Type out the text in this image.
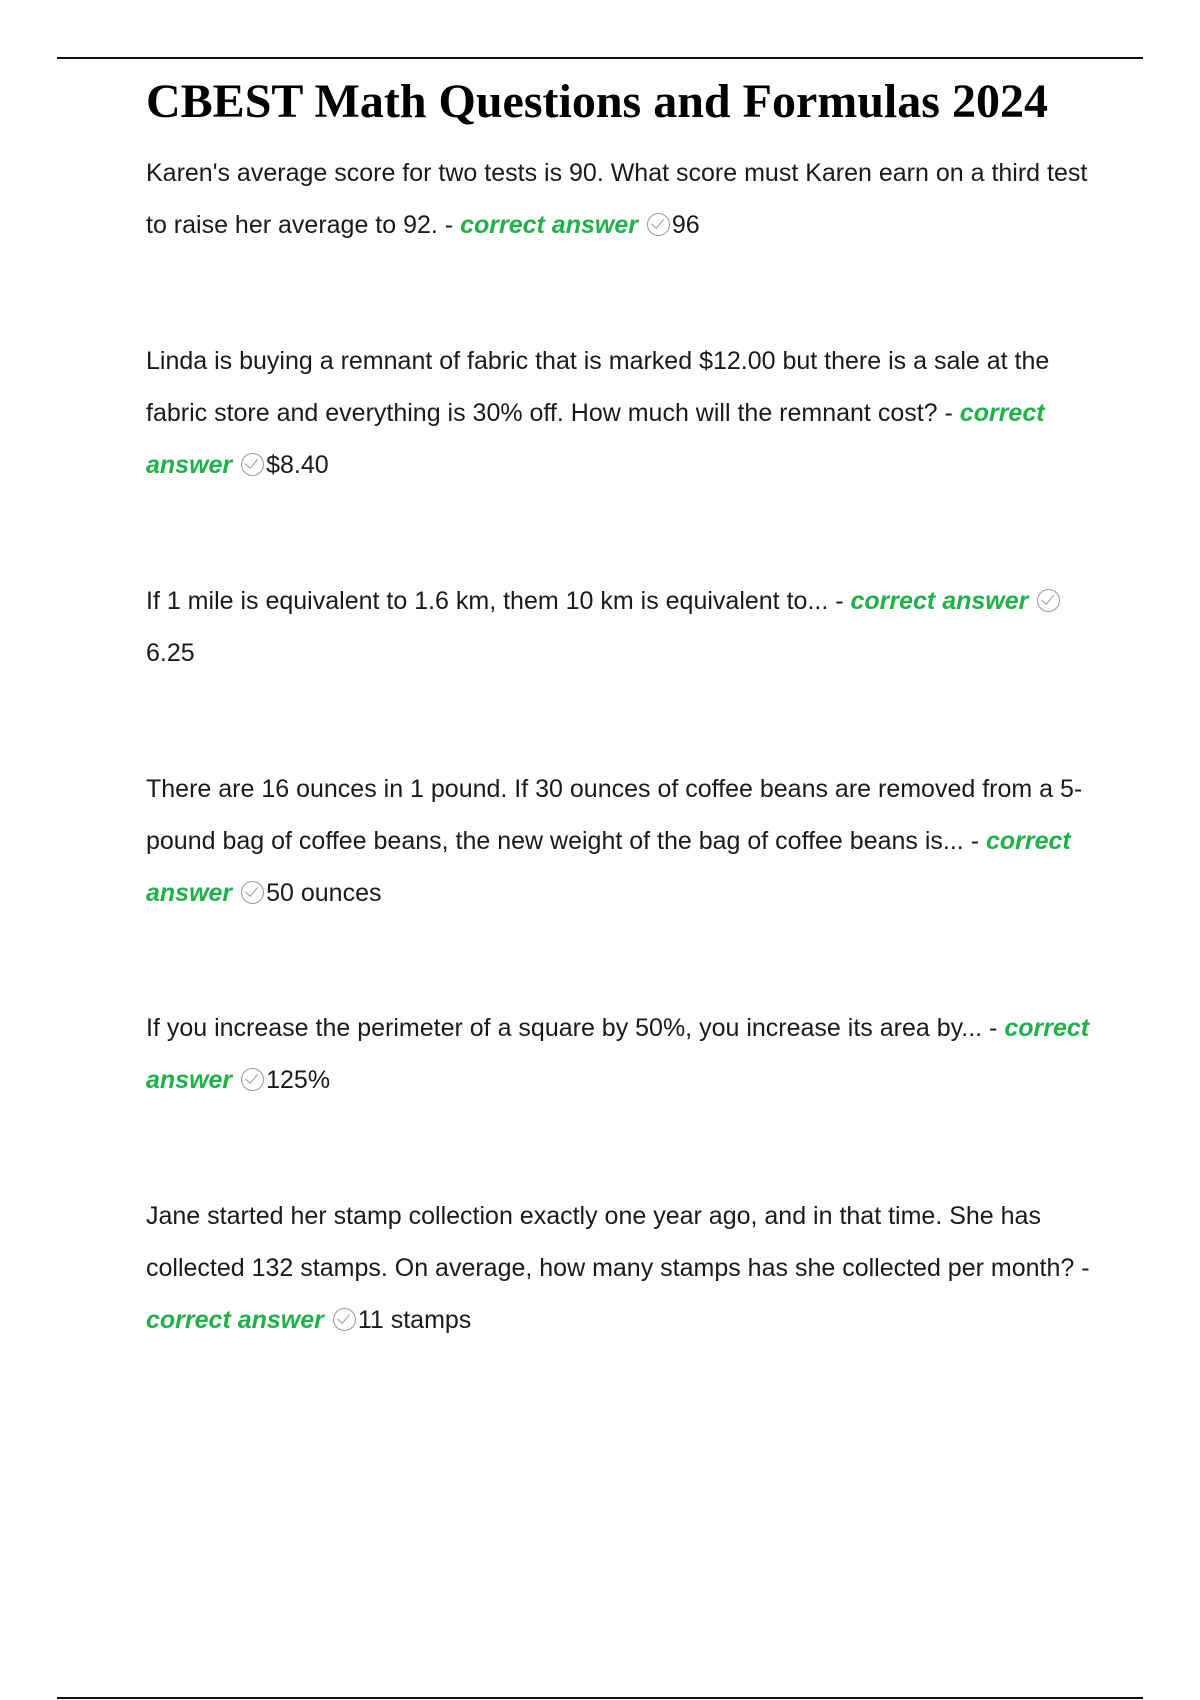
CBEST Math Questions and Formulas 2024

Karen's average score for two tests is 90. What score must Karen earn on a third test to raise her average to 92. - correct answer 96

Linda is buying a remnant of fabric that is marked $12.00 but there is a sale at the fabric store and everything is 30% off. How much will the remnant cost? - correct answer $8.40

If 1 mile is equivalent to 1.6 km, them 10 km is equivalent to... - correct answer 6.25

There are 16 ounces in 1 pound. If 30 ounces of coffee beans are removed from a 5-pound bag of coffee beans, the new weight of the bag of coffee beans is... - correct answer 50 ounces

If you increase the perimeter of a square by 50%, you increase its area by... - correct answer 125%

Jane started her stamp collection exactly one year ago, and in that time. She has collected 132 stamps. On average, how many stamps has she collected per month? - correct answer 11 stamps
